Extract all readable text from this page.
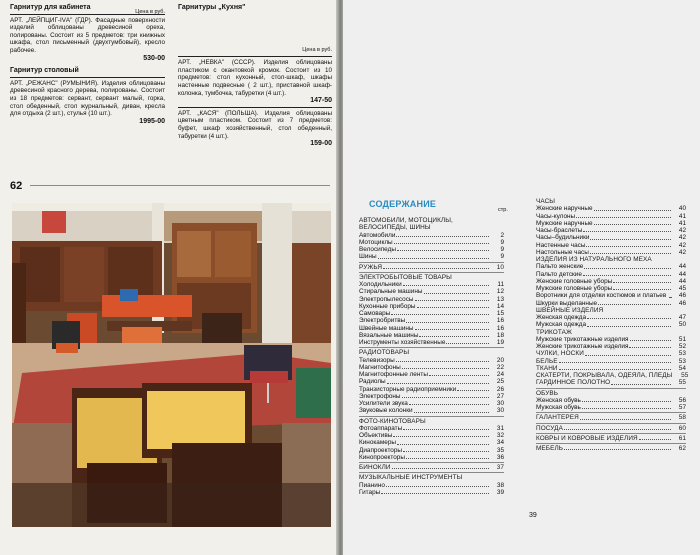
Гарнитур для кабинета
Цена в руб.
АРТ. „ЛЕЙПЦИГ-IVА" (ГДР). Фасадные поверхности изделий облицованы древесиной ореха, полированы. Состоит из 5 предметов: три книжных шкафа, стол письменный (двухтумбовый), кресло рабочее.
530-00
Гарнитур столовый
АРТ. „РЕЖАНС" (РУМЫНИЯ). Изделия облицованы древесиной красного дерева, полированы. Состоит из 18 предметов: сервант, сервант малый, горка, стол обеденный, стол журнальный, диван, кресла для отдыха (2 шт.), стулья (10 шт.).
1995-00
Гарнитуры „Кухня"
Цена в руб.
АРТ. „НЕВКА" (СССР). Изделия облицованы пластиком с окантовкой кромок. Состоит из 10 предметов: стол кухонный, стол-шкаф, шкафы настенные подвесные ( 2 шт.), приставной шкаф-колонка, тумбочка, табуретки (4 шт.).
147-50
АРТ. „КАСЯ" (ПОЛЬША). Изделия облицованы цветным пластиком. Состоит из 7 предметов: буфет, шкаф хозяйственный, стол обеденный, табуретки (4 шт.).
159-00
62
СОДЕРЖАНИЕ
стр.
АВТОМОБИЛИ, МОТОЦИКЛЫ, ВЕЛОСИПЕДЫ, ШИНЫ
Автомобили	2
Мотоциклы	9
Велосипеды	9
Шины	9
РУЖЬЯ	10
ЭЛЕКТРОБЫТОВЫЕ ТОВАРЫ
Холодильники	11
Стиральные машины	12
Электропылесосы	13
Кухонные приборы	14
Самовары	15
Электробритвы	16
Швейные машины	16
Вязальные машины	18
Инструменты хозяйственные	19
РАДИОТОВАРЫ
Телевизоры	20
Магнитофоны	22
Магнитофонные ленты	24
Радиолы	25
Транзисторные радиоприемники	26
Электрофоны	27
Усилители звука	30
Звуковые колонки	30
ФОТО-КИНОТОВАРЫ
Фотоаппараты	31
Объективы	32
Кинокамеры	34
Диапроекторы	35
Кинопроекторы	36
БИНОКЛИ	37
МУЗЫКАЛЬНЫЕ ИНСТРУМЕНТЫ
Пианино	38
Гитары	39
ЧАСЫ
Женские наручные	40
Часы-кулоны	41
Мужские наручные	41
Часы-браслеты	42
Часы–будильники	42
Настенные часы	42
Настольные часы	42
ИЗДЕЛИЯ ИЗ НАТУРАЛЬНОГО МЕХА
Пальто женские	44
Пальто детские	44
Женские головные уборы	44
Мужские головные уборы	45
Воротники для отделки костюмов и платьев	46
Шкурки выделанные	46
ШВЕЙНЫЕ ИЗДЕЛИЯ
Женская одежда	47
Мужская одежда	50
ТРИКОТАЖ
Мужские трикотажные изделия	51
Женские трикотажные изделия	52
ЧУЛКИ, НОСКИ	53
БЕЛЬЕ	53
ТКАНИ	54
СКАТЕРТИ, ПОКРЫВАЛА, ОДЕЯЛА, ПЛЕДЫ	55
ГАРДИННОЕ ПОЛОТНО	55
ОБУВЬ
Женская обувь	56
Мужская обувь	57
ГАЛАНТЕРЕЯ	58
ПОСУДА	60
КОВРЫ И КОВРОВЫЕ ИЗДЕЛИЯ	61
МЕБЕЛЬ	62
39
